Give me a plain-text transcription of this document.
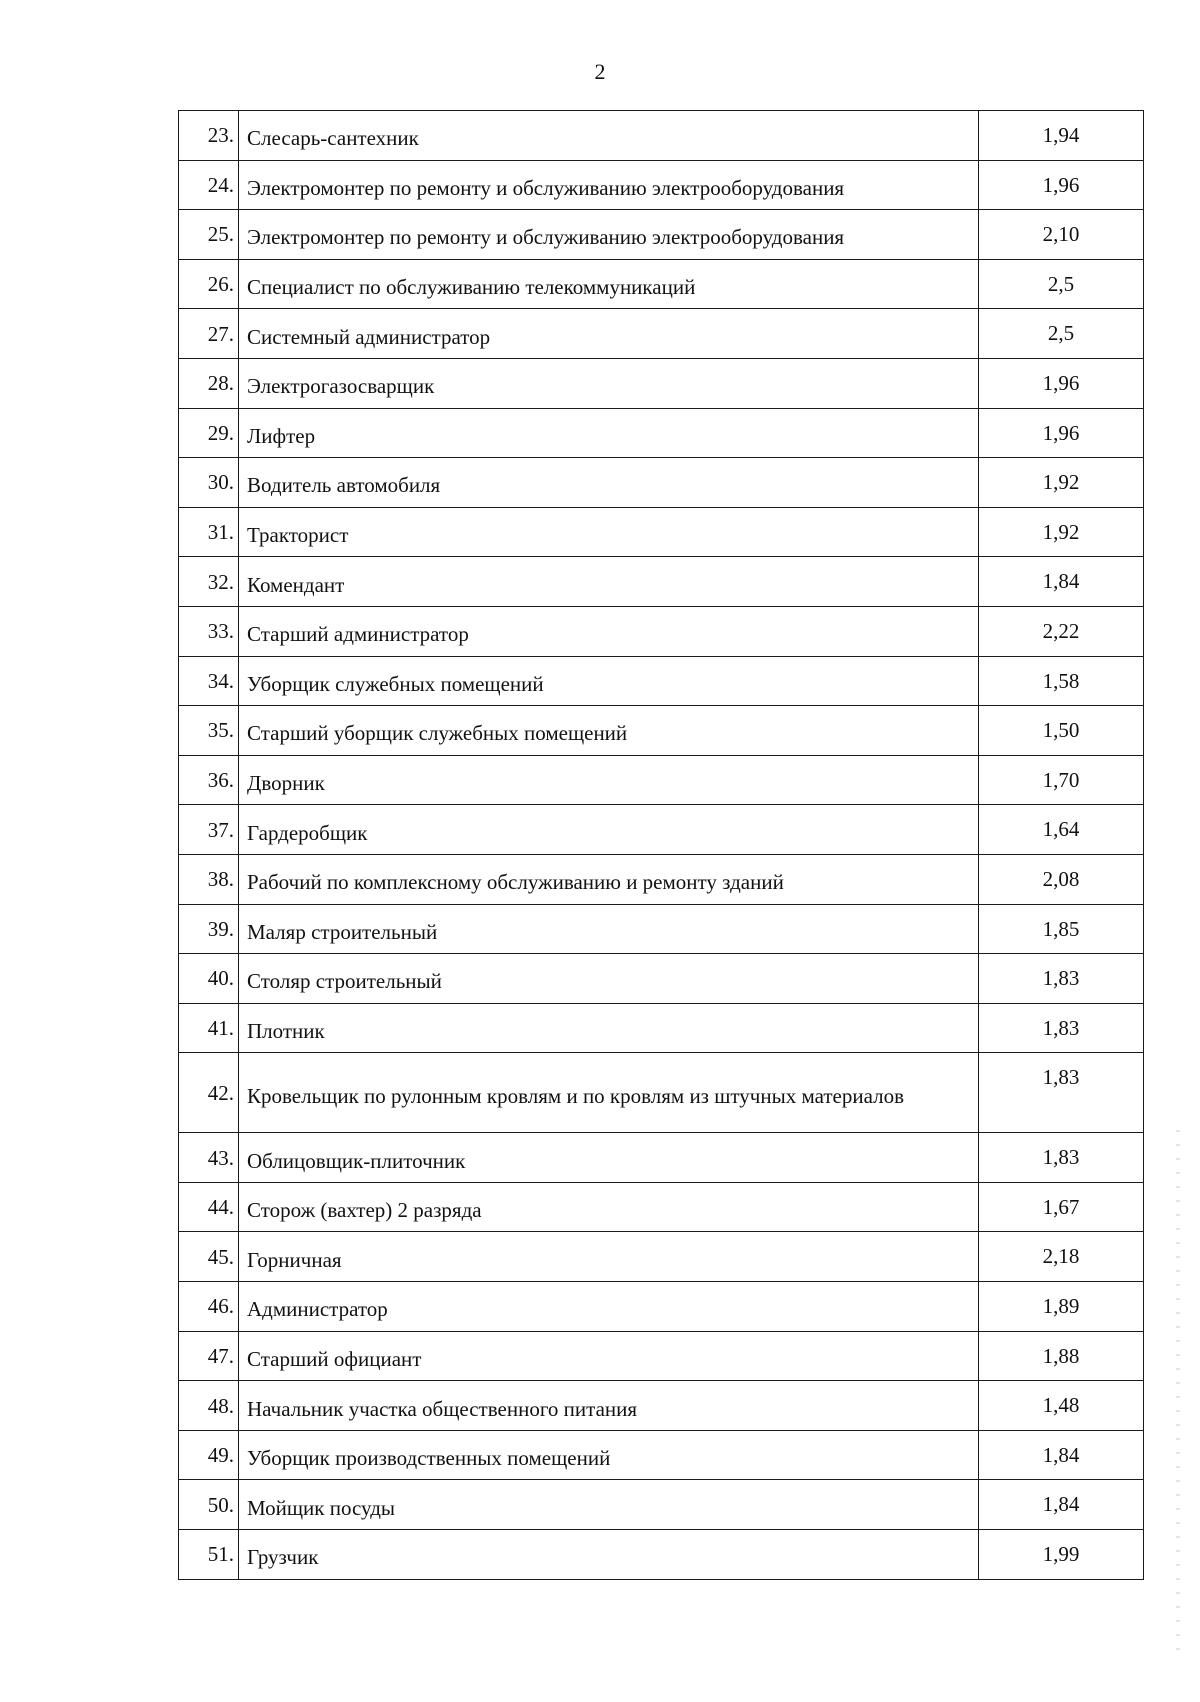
2
23.	Слесарь-сантехник	1,94
24.	Электромонтер по ремонту и обслуживанию электрооборудования	1,96
25.	Электромонтер по ремонту и обслуживанию электрооборудования	2,10
26.	Специалист по обслуживанию телекоммуникаций	2,5
27.	Системный администратор	2,5
28.	Электрогазосварщик	1,96
29.	Лифтер	1,96
30.	Водитель автомобиля	1,92
31.	Тракторист	1,92
32.	Комендант	1,84
33.	Старший администратор	2,22
34.	Уборщик служебных помещений	1,58
35.	Старший уборщик служебных помещений	1,50
36.	Дворник	1,70
37.	Гардеробщик	1,64
38.	Рабочий по комплексному обслуживанию и ремонту зданий	2,08
39.	Маляр строительный	1,85
40.	Столяр строительный	1,83
41.	Плотник	1,83
42.	Кровельщик по рулонным кровлям и по кровлям из штучных материалов	1,83
43.	Облицовщик-плиточник	1,83
44.	Сторож (вахтер) 2 разряда	1,67
45.	Горничная	2,18
46.	Администратор	1,89
47.	Старший официант	1,88
48.	Начальник участка общественного питания	1,48
49.	Уборщик производственных помещений	1,84
50.	Мойщик посуды	1,84
51.	Грузчик	1,99
